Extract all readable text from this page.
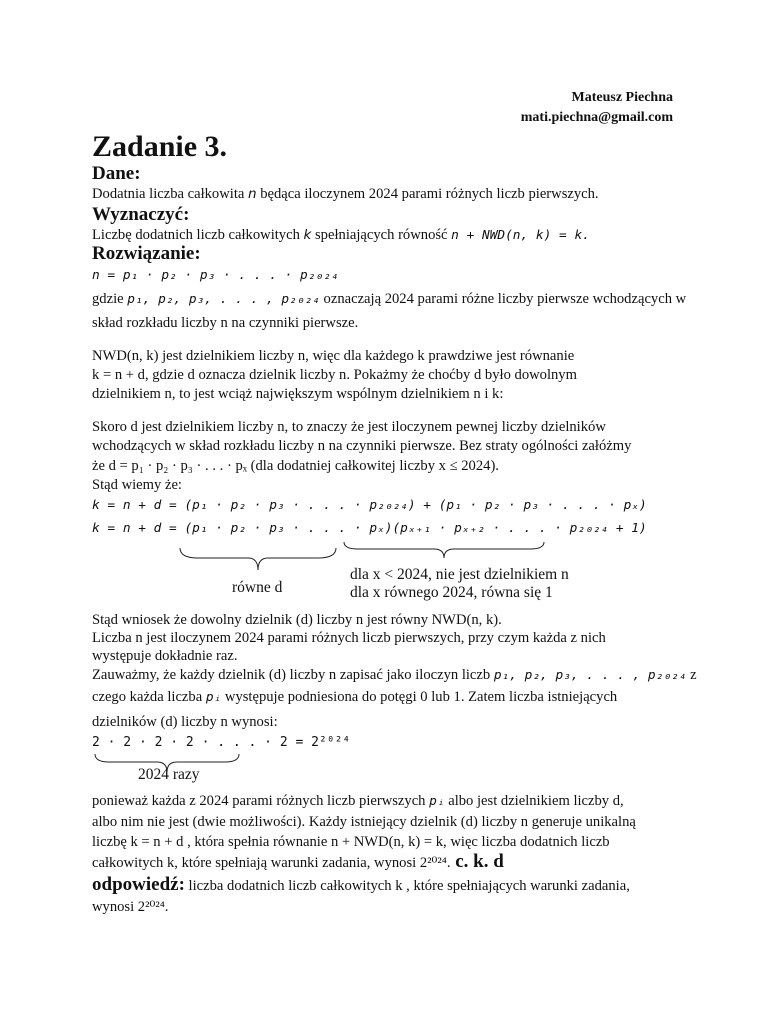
Mateusz Piechna
mati.piechna@gmail.com
Zadanie 3.
Dane:
Dodatnia liczba całkowita n będąca iloczynem 2024 parami różnych liczb pierwszych.
Wyznaczyć:
Liczbę dodatnich liczb całkowitych k spełniających równość n + NWD(n, k) = k.
Rozwiązanie:
n = p₁ · p₂ · p₃ · . . . · p₂₀₂₄
gdzie p₁, p₂, p₃, . . . , p₂₀₂₄ oznaczają 2024 parami różne liczby pierwsze wchodzących w
skład rozkładu liczby n na czynniki pierwsze.
NWD(n, k) jest dzielnikiem liczby n, więc dla każdego k prawdziwe jest równanie
k = n + d, gdzie d oznacza dzielnik liczby n. Pokażmy że choćby d było dowolnym
dzielnikiem n, to jest wciąż największym wspólnym dzielnikiem n i k:
Skoro d jest dzielnikiem liczby n, to znaczy że jest iloczynem pewnej liczby dzielników
wchodzących w skład rozkładu liczby n na czynniki pierwsze. Bez straty ogólności załóżmy
że d = p₁ · p₂ · p₃ · . . . · pₓ (dla dodatniej całkowitej liczby x ≤ 2024).
Stąd wiemy że:
k = n + d = (p₁ · p₂ · p₃ · . . . · p₂₀₂₄) + (p₁ · p₂ · p₃ · . . . · pₓ)
k = n + d = (p₁ · p₂ · p₃ · . . . · pₓ)(pₓ₊₁ · pₓ₊₂ · . . . · p₂₀₂₄ + 1)
równe d
dla x < 2024, nie jest dzielnikiem n
dla x równego 2024, równa się 1
Stąd wniosek że dowolny dzielnik (d) liczby n jest równy NWD(n, k).
Liczba n jest iloczynem 2024 parami różnych liczb pierwszych, przy czym każda z nich
występuje dokładnie raz.
Zauważmy, że każdy dzielnik (d) liczby n zapisać jako iloczyn liczb p₁, p₂, p₃, . . . , p₂₀₂₄ z
czego każda liczba pᵢ występuje podniesiona do potęgi 0 lub 1. Zatem liczba istniejących
dzielników (d) liczby n wynosi:
2 · 2 · 2 · 2 · . . . · 2 = 2²⁰²⁴
2024 razy
ponieważ każda z 2024 parami różnych liczb pierwszych pᵢ albo jest dzielnikiem liczby d,
albo nim nie jest (dwie możliwości). Każdy istniejący dzielnik (d) liczby n generuje unikalną
liczbę k = n + d , która spełnia równanie n + NWD(n, k) = k, więc liczba dodatnich liczb
całkowitych k, które spełniają warunki zadania, wynosi 2²⁰²⁴. c. k. d
odpowiedź: liczba dodatnich liczb całkowitych k , które spełniających warunki zadania,
wynosi 2²⁰²⁴.
